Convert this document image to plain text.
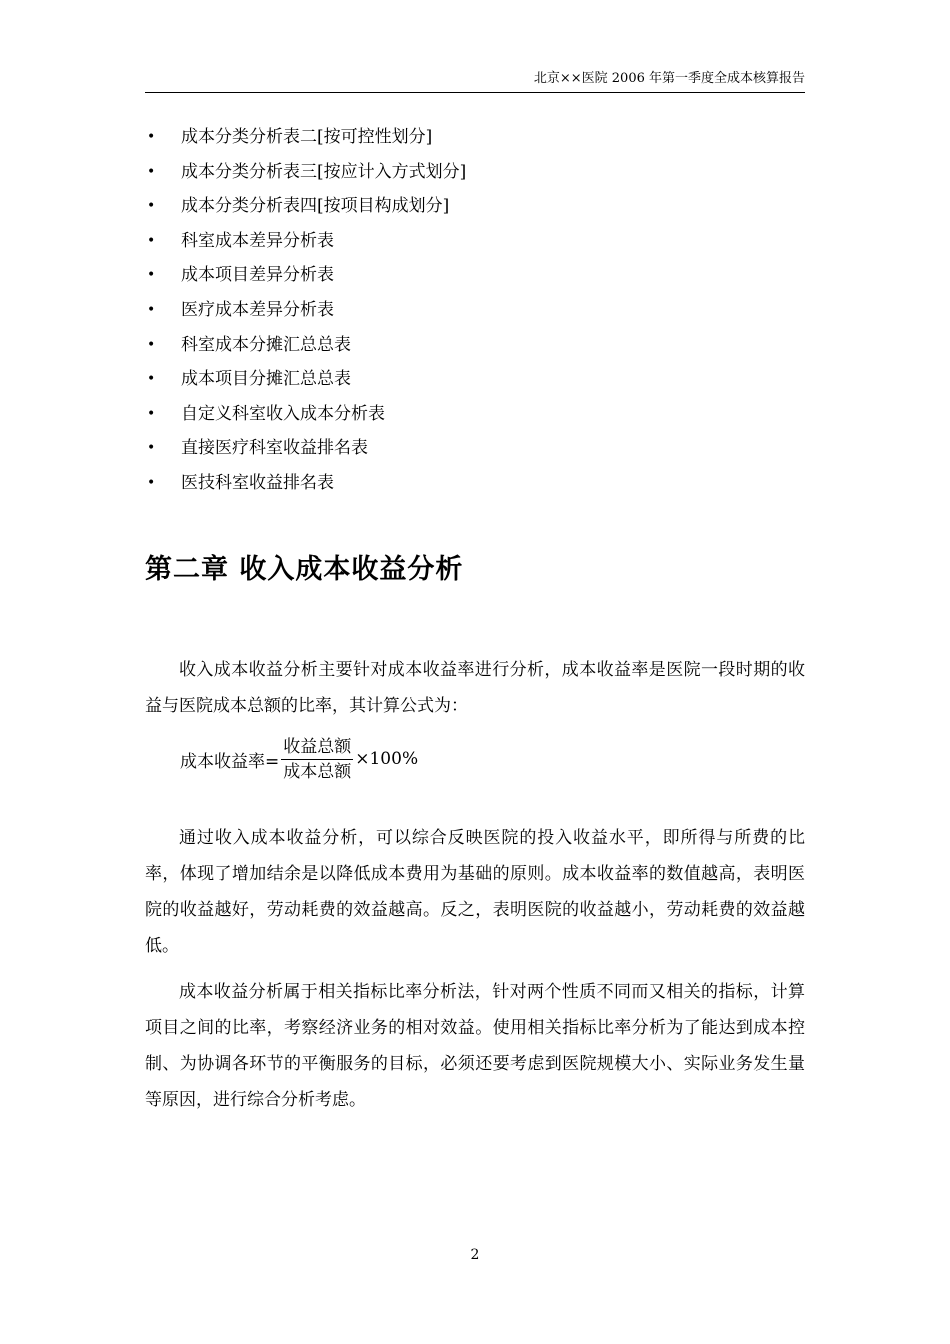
北京××医院 2006 年第一季度全成本核算报告
• 成本分类分析表二[按可控性划分]
• 成本分类分析表三[按应计入方式划分]
• 成本分类分析表四[按项目构成划分]
• 科室成本差异分析表
• 成本项目差异分析表
• 医疗成本差异分析表
• 科室成本分摊汇总总表
• 成本项目分摊汇总总表
• 自定义科室收入成本分析表
• 直接医疗科室收益排名表
• 医技科室收益排名表
第二章 收入成本收益分析

收入成本收益分析主要针对成本收益率进行分析，成本收益率是医院一段时期的收益与医院成本总额的比率，其计算公式为：

成本收益率= $\frac{\text{收益总额}}{\text{成本总额}} \times 100\%$

通过收入成本收益分析，可以综合反映医院的投入收益水平，即所得与所费的比率，体现了增加结余是以降低成本费用为基础的原则。成本收益率的数值越高，表明医院的收益越好，劳动耗费的效益越高。反之，表明医院的收益越小，劳动耗费的效益越低。

成本收益分析属于相关指标比率分析法，针对两个性质不同而又相关的指标，计算项目之间的比率，考察经济业务的相对效益。使用相关指标比率分析为了能达到成本控制、为协调各环节的平衡服务的目标，必须还要考虑到医院规模大小、实际业务发生量等原因，进行综合分析考虑。

2
